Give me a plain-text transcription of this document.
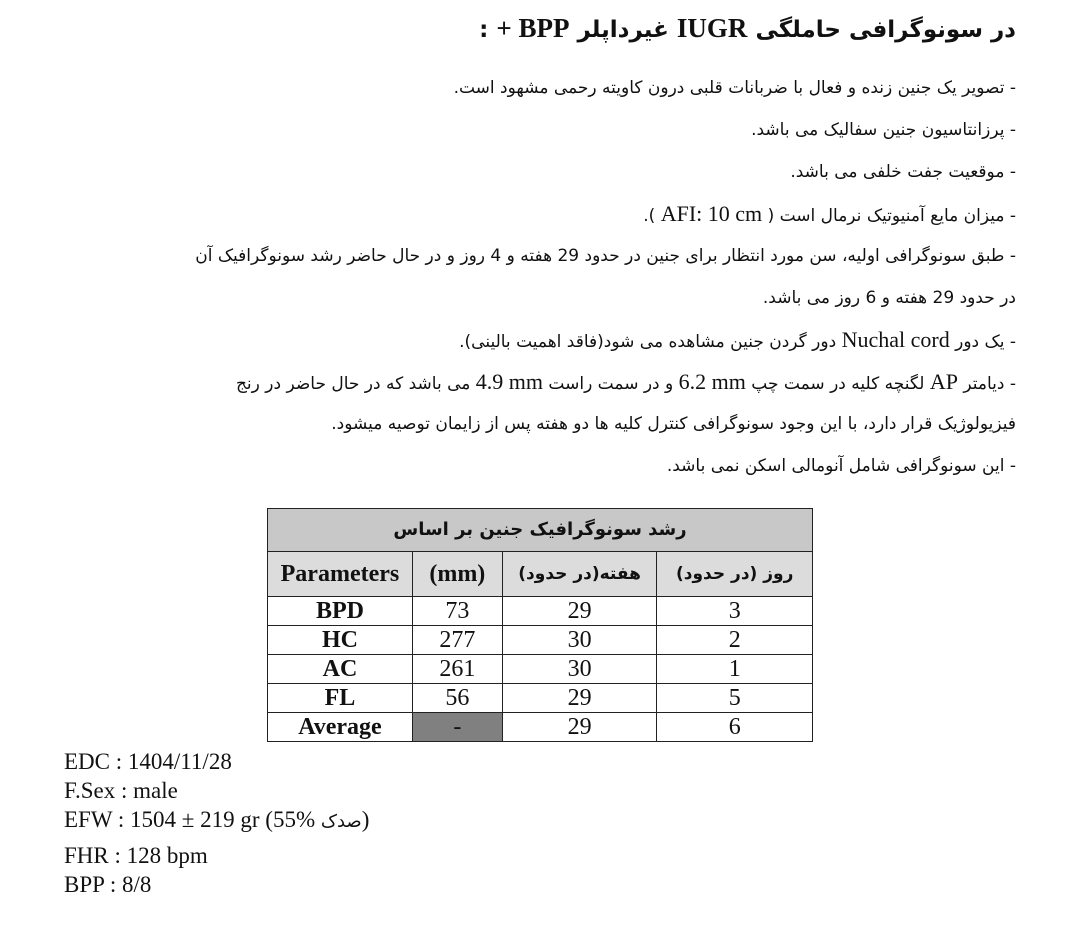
در سونوگرافی حاملگی IUGR غیرداپلر + BPP :
- تصویر یک جنین زنده و فعال با ضربانات قلبی درون کاویته رحمی مشهود است.
- پرزانتاسیون جنین سفالیک می باشد.
- موقعیت جفت خلفی می باشد.
- میزان مایع آمنیوتیک نرمال است ( AFI: 10 cm ).
- طبق سونوگرافی اولیه، سن مورد انتظار برای جنین در حدود 29 هفته و 4 روز و در حال حاضر رشد سونوگرافیک آن
در حدود 29 هفته و 6 روز می باشد.
- یک دور Nuchal cord دور گردن جنین مشاهده می شود(فاقد اهمیت بالینی).
- دیامتر AP لگنچه کلیه در سمت چپ 6.2 mm و در سمت راست 4.9 mm می باشد که در حال حاضر در رنج
فیزیولوژیک قرار دارد، با این وجود سونوگرافی کنترل کلیه ها دو هفته پس از زایمان توصیه میشود.
- این سونوگرافی شامل آنومالی اسکن نمی باشد.
رشد سونوگرافیک جنین بر اساس			
Parameters	(mm)	هفته(در حدود)	روز (در حدود)
BPD	73	29	3
HC	277	30	2
AC	261	30	1
FL	56	29	5
Average	-	29	6
EDC : 1404/11/28
F.Sex : male
EFW : 1504 ± 219 gr (55% صدک)
FHR : 128 bpm
BPP : 8/8
